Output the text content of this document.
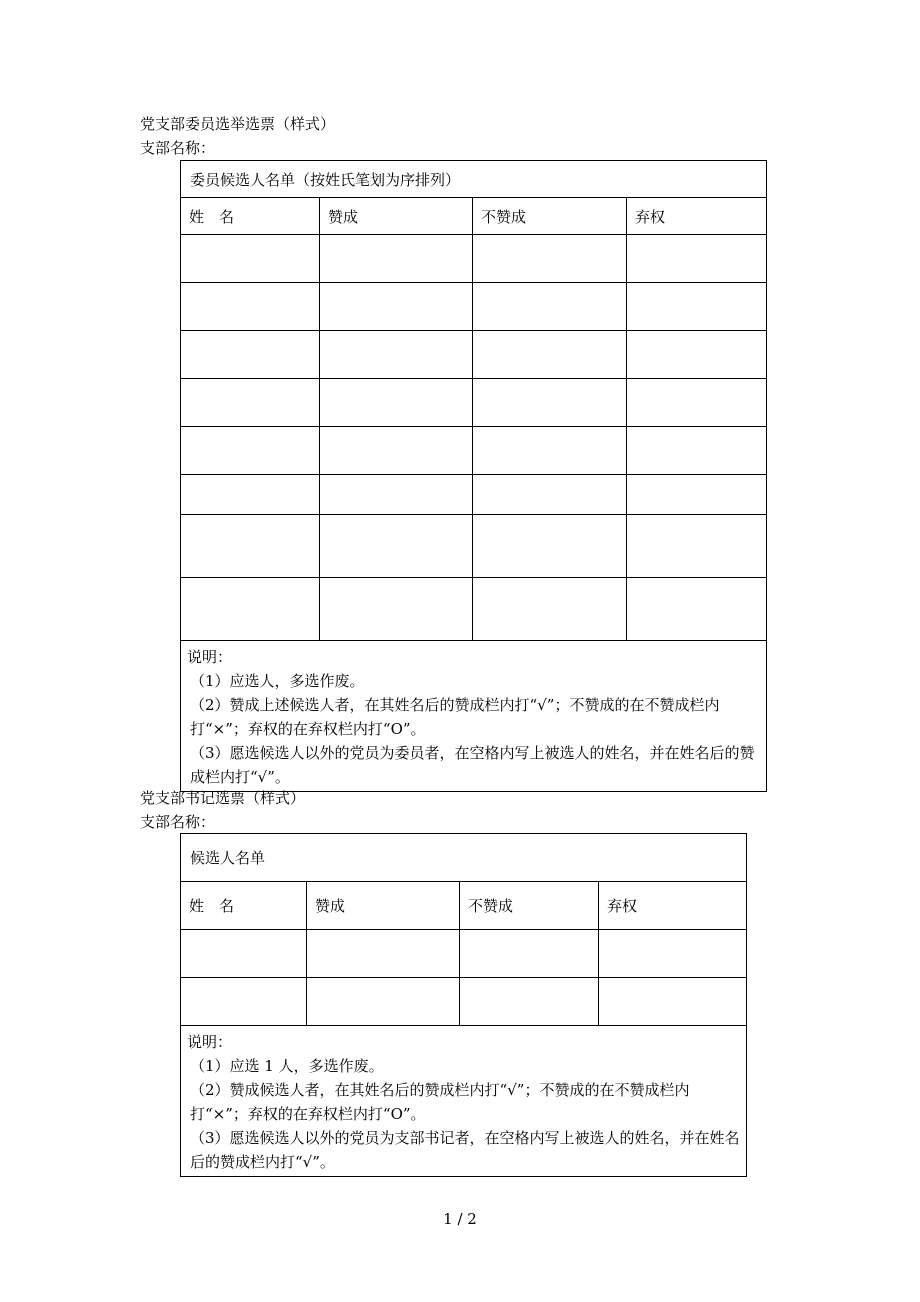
党支部委员选举选票（样式）
支部名称：
委员候选人名单（按姓氏笔划为序排列）			
姓　名	赞成	不赞成	弃权

说明：

（1）应选人，多选作废。

（2）赞成上述候选人者，在其姓名后的赞成栏内打“√”；不赞成的在不赞成栏内打“×”；弃权的在弃权栏内打“O”。

（3）愿选候选人以外的党员为委员者，在空格内写上被选人的姓名，并在姓名后的赞成栏内打“√”。			

党支部书记选票（样式）
支部名称：
候选人名单			
姓　名	赞成	不赞成	弃权

说明：

（1）应选 1 人，多选作废。

（2）赞成候选人者，在其姓名后的赞成栏内打“√”；不赞成的在不赞成栏内打“×”；弃权的在弃权栏内打“O”。

（3）愿选候选人以外的党员为支部书记者，在空格内写上被选人的姓名，并在姓名后的赞成栏内打“√”。			

1 / 2
